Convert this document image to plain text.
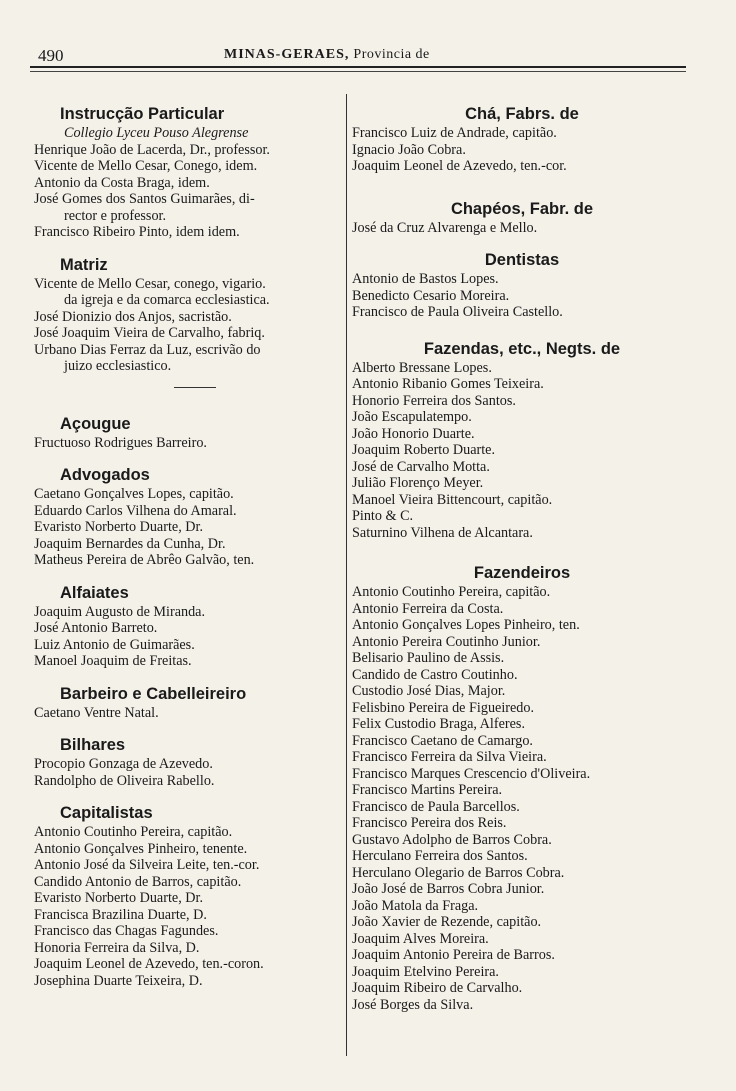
490	MINAS-GERAES, Provincia de
Instrucção Particular
Collegio Lyceu Pouso Alegrense
Henrique João de Lacerda, Dr., professor.
Vicente de Mello Cesar, Conego, idem.
Antonio da Costa Braga, idem.
José Gomes dos Santos Guimarães, di-
rector e professor.
Francisco Ribeiro Pinto, idem idem.
Matriz
Vicente de Mello Cesar, conego, vigario.
da igreja e da comarca ecclesiastica.
José Dionizio dos Anjos, sacristão.
José Joaquim Vieira de Carvalho, fabriq.
Urbano Dias Ferraz da Luz, escrivão do
juizo ecclesiastico.
Açougue
Fructuoso Rodrigues Barreiro.
Advogados
Caetano Gonçalves Lopes, capitão.
Eduardo Carlos Vilhena do Amaral.
Evaristo Norberto Duarte, Dr.
Joaquim Bernardes da Cunha, Dr.
Matheus Pereira de Abrêo Galvão, ten.
Alfaiates
Joaquim Augusto de Miranda.
José Antonio Barreto.
Luiz Antonio de Guimarães.
Manoel Joaquim de Freitas.
Barbeiro e Cabelleireiro
Caetano Ventre Natal.
Bilhares
Procopio Gonzaga de Azevedo.
Randolpho de Oliveira Rabello.
Capitalistas
Antonio Coutinho Pereira, capitão.
Antonio Gonçalves Pinheiro, tenente.
Antonio José da Silveira Leite, ten.-cor.
Candido Antonio de Barros, capitão.
Evaristo Norberto Duarte, Dr.
Francisca Brazilina Duarte, D.
Francisco das Chagas Fagundes.
Honoria Ferreira da Silva, D.
Joaquim Leonel de Azevedo, ten.-coron.
Josephina Duarte Teixeira, D.
Chá, Fabrs. de
Francisco Luiz de Andrade, capitão.
Ignacio João Cobra.
Joaquim Leonel de Azevedo, ten.-cor.
Chapéos, Fabr. de
José da Cruz Alvarenga e Mello.
Dentistas
Antonio de Bastos Lopes.
Benedicto Cesario Moreira.
Francisco de Paula Oliveira Castello.
Fazendas, etc., Negts. de
Alberto Bressane Lopes.
Antonio Ribanio Gomes Teixeira.
Honorio Ferreira dos Santos.
João Escapulatempo.
João Honorio Duarte.
Joaquim Roberto Duarte.
José de Carvalho Motta.
Julião Florenço Meyer.
Manoel Vieira Bittencourt, capitão.
Pinto & C.
Saturnino Vilhena de Alcantara.
Fazendeiros
Antonio Coutinho Pereira, capitão.
Antonio Ferreira da Costa.
Antonio Gonçalves Lopes Pinheiro, ten.
Antonio Pereira Coutinho Junior.
Belisario Paulino de Assis.
Candido de Castro Coutinho.
Custodio José Dias, Major.
Felisbino Pereira de Figueiredo.
Felix Custodio Braga, Alferes.
Francisco Caetano de Camargo.
Francisco Ferreira da Silva Vieira.
Francisco Marques Crescencio d'Oliveira.
Francisco Martins Pereira.
Francisco de Paula Barcellos.
Francisco Pereira dos Reis.
Gustavo Adolpho de Barros Cobra.
Herculano Ferreira dos Santos.
Herculano Olegario de Barros Cobra.
João José de Barros Cobra Junior.
João Matola da Fraga.
João Xavier de Rezende, capitão.
Joaquim Alves Moreira.
Joaquim Antonio Pereira de Barros.
Joaquim Etelvino Pereira.
Joaquim Ribeiro de Carvalho.
José Borges da Silva.
